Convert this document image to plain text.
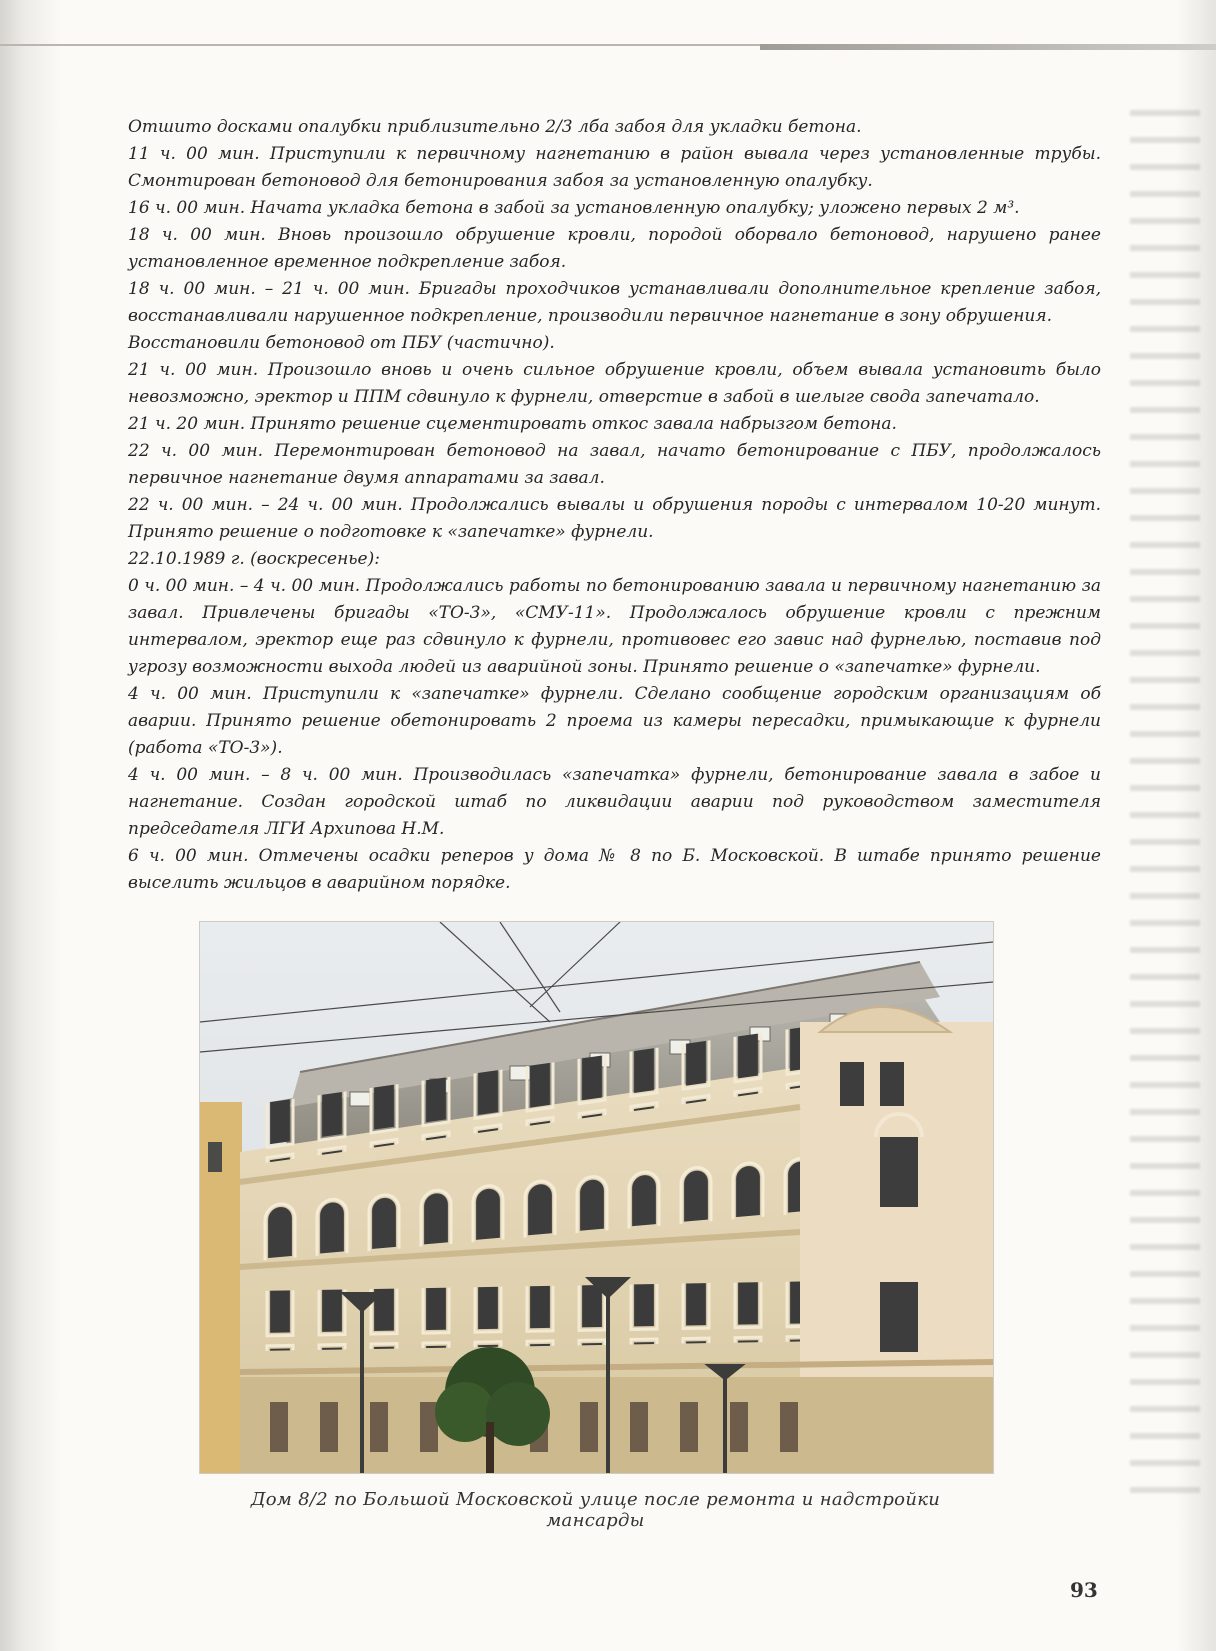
Отшито досками опалубки приблизительно 2/3 лба забоя для укладки бетона.

11 ч. 00 мин. Приступили к первичному нагнетанию в район вывала через установленные трубы. Смонтирован бетоновод для бетонирования забоя за установленную опалубку.

16 ч. 00 мин. Начата укладка бетона в забой за установленную опалубку; уложено первых 2 м³.

18 ч. 00 мин. Вновь произошло обрушение кровли, породой оборвало бетоновод, нарушено ранее установленное временное подкрепление забоя.

18 ч. 00 мин. – 21 ч. 00 мин. Бригады проходчиков устанавливали дополнительное крепление забоя, восстанавливали нарушенное подкрепление, производили первичное нагнетание в зону обрушения.

Восстановили бетоновод от ПБУ (частично).

21 ч. 00 мин. Произошло вновь и очень сильное обрушение кровли, объем вывала установить было невозможно, эректор и ППМ сдвинуло к фурнели, отверстие в забой в шелыге свода запечатало.

21 ч. 20 мин. Принято решение сцементировать откос завала набрызгом бетона.

22 ч. 00 мин. Перемонтирован бетоновод на завал, начато бетонирование с ПБУ, продолжалось первичное нагнетание двумя аппаратами за завал.

22 ч. 00 мин. – 24 ч. 00 мин. Продолжались вывалы и обрушения породы с интервалом 10-20 минут. Принято решение о подготовке к «запечатке» фурнели.

22.10.1989 г. (воскресенье):

0 ч. 00 мин. – 4 ч. 00 мин. Продолжались работы по бетонированию завала и первичному нагнетанию за завал. Привлечены бригады «ТО-3», «СМУ-11». Продолжалось обрушение кровли с прежним интервалом, эректор еще раз сдвинуло к фурнели, противовес его завис над фурнелью, поставив под угрозу возможности выхода людей из аварийной зоны. Принято решение о «запечатке» фурнели.

4 ч. 00 мин. Приступили к «запечатке» фурнели. Сделано сообщение городским организациям об аварии. Принято решение обетонировать 2 проема из камеры пересадки, примыкающие к фурнели (работа «ТО-3»).

4 ч. 00 мин. – 8 ч. 00 мин. Производилась «запечатка» фурнели, бетонирование завала в забое и нагнетание. Создан городской штаб по ликвидации аварии под руководством заместителя председателя ЛГИ Архипова Н.М.

6 ч. 00 мин. Отмечены осадки реперов у дома № 8 по Б. Московской. В штабе принято решение выселить жильцов в аварийном порядке.

Дом 8/2 по Большой Московской улице после ремонта и надстройки мансарды
93
